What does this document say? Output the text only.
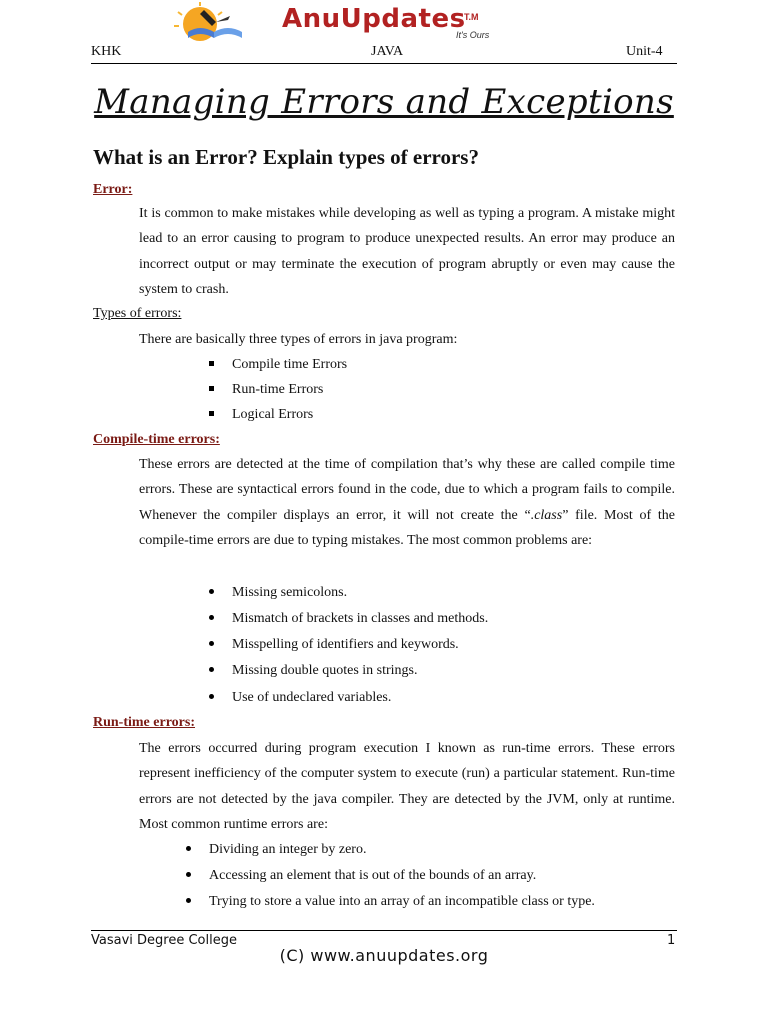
AnuUpdates
T.M
It's Ours
KHK	JAVA	Unit-4
Managing Errors and Exceptions
What is an Error? Explain types of errors?
Error:

It is common to make mistakes while developing as well as typing a program. A mistake might lead to an error causing to program to produce unexpected results. An error may produce an incorrect output or may terminate the execution of program abruptly or even may cause the system to crash.

Types of errors:
There are basically three types of errors in java program:
Compile time Errors
Run-time Errors
Logical Errors
Compile-time errors:

These errors are detected at the time of compilation that’s why these are called compile time errors. These are syntactical errors found in the code, due to which a program fails to compile. Whenever the compiler displays an error, it will not create the “.class” file. Most of the compile-time errors are due to typing mistakes. The most common problems are:

Missing semicolons.
Mismatch of brackets in classes and methods.
Misspelling of identifiers and keywords.
Missing double quotes in strings.
Use of undeclared variables.
Run-time errors:

The errors occurred during program execution I known as run-time errors. These errors represent inefficiency of the computer system to execute (run) a particular statement. Run-time errors are not detected by the java compiler. They are detected by the JVM, only at runtime. Most common runtime errors are:

Dividing an integer by zero.
Accessing an element that is out of the bounds of an array.
Trying to store a value into an array of an incompatible class or type.
Vasavi Degree College	1
(C) www.anuupdates.org
